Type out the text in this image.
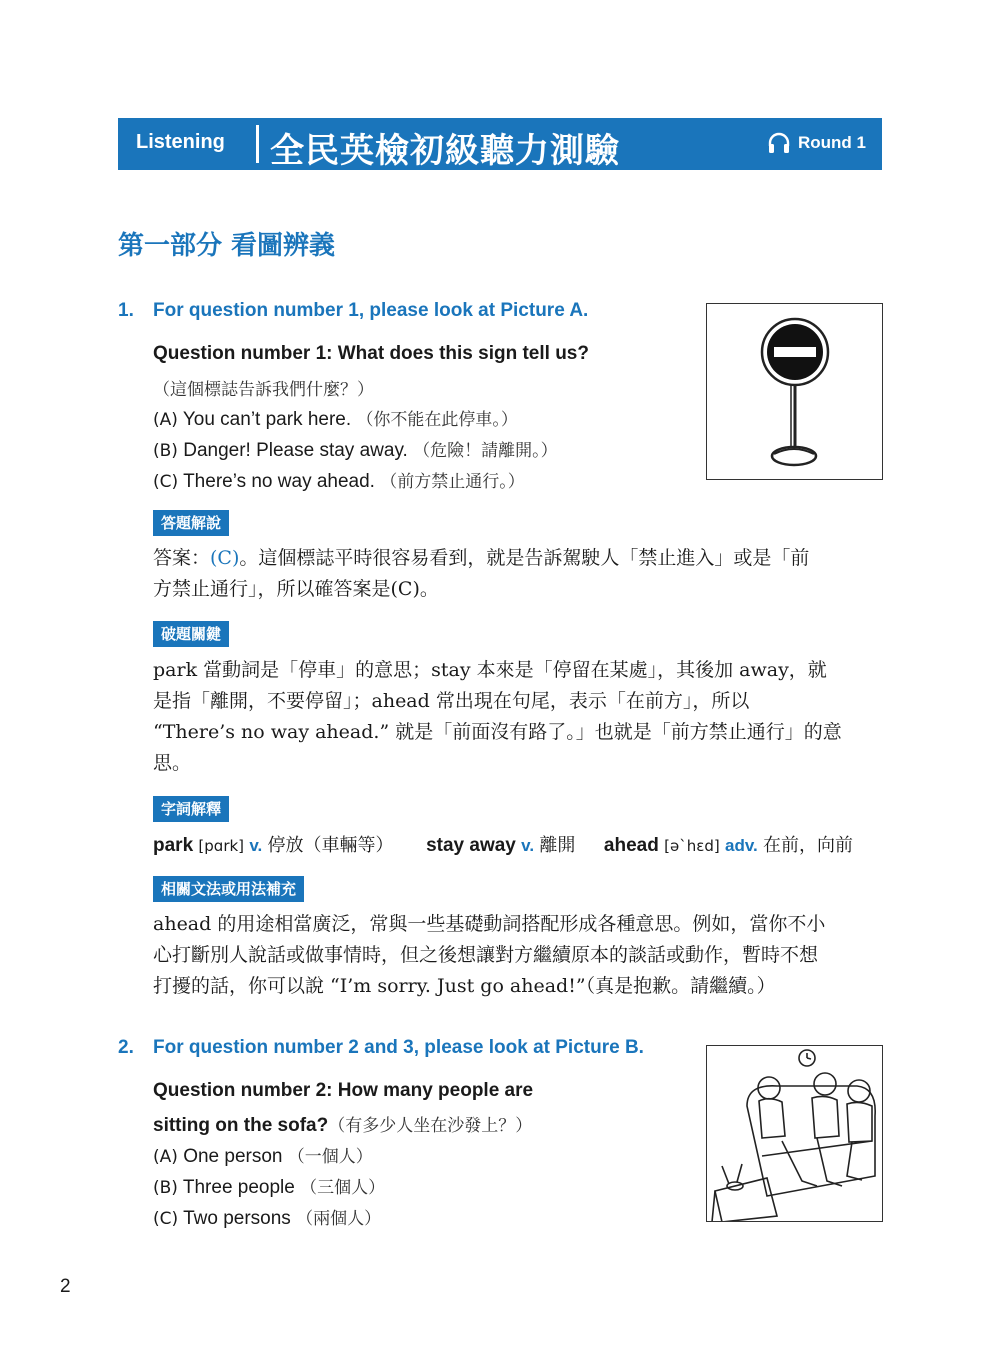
Listening 全民英檢初級聽力測驗	Round 1
第一部分 看圖辨義
1. For question number 1, please look at Picture A.
Question number 1: What does this sign tell us?
（這個標誌告訴我們什麼？）
(A) You can’t park here. （你不能在此停車。）
(B) Danger! Please stay away. （危險！請離開。）
(C) There’s no way ahead. （前方禁止通行。）
答題解說
答案：(C)。這個標誌平時很容易看到，就是告訴駕駛人「禁止進入」或是「前
方禁止通行」，所以確答案是(C)。
破題關鍵
park 當動詞是「停車」的意思；stay 本來是「停留在某處」，其後加 away，就
是指「離開，不要停留」；ahead 常出現在句尾，表示「在前方」，所以
“There’s no way ahead.” 就是「前面沒有路了。」也就是「前方禁止通行」的意
思。
字詞解釋
park [pɑrk] v. 停放（車輛等） stay away v. 離開 ahead [ə`hɛd] adv. 在前，向前
相關文法或用法補充
ahead 的用途相當廣泛，常與一些基礎動詞搭配形成各種意思。例如，當你不小
心打斷別人說話或做事情時，但之後想讓對方繼續原本的談話或動作，暫時不想
打擾的話，你可以說 “I’m sorry. Just go ahead!”（真是抱歉。請繼續。）
2. For question number 2 and 3, please look at Picture B.
Question number 2: How many people are
sitting on the sofa?（有多少人坐在沙發上？）
(A) One person （一個人）
(B) Three people （三個人）
(C) Two persons （兩個人）
2
